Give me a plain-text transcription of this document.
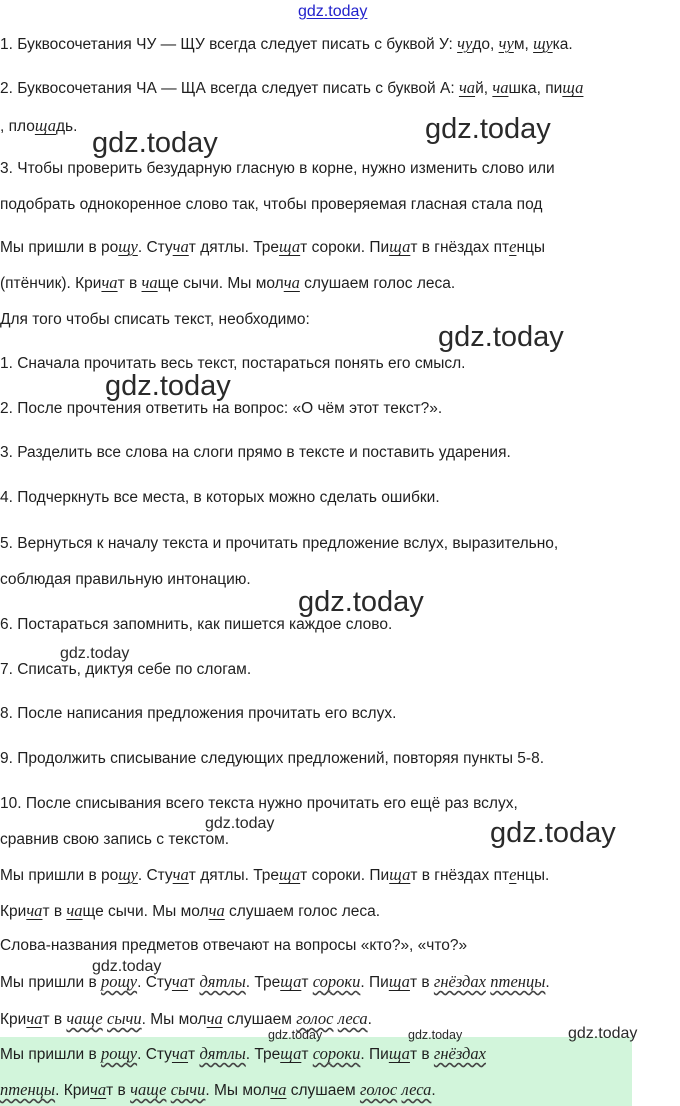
1. Буквосочетания ЧУ — ЩУ всегда следует писать с буквой У: чудо, чум, щука.
2. Буквосочетания ЧА — ЩА всегда следует писать с буквой А: чай, чашка, пища
, площадь.
3. Чтобы проверить безударную гласную в корне, нужно изменить слово или
подобрать однокоренное слово так, чтобы проверяемая гласная стала под
Мы пришли в рощу. Стучат дятлы. Трещат сороки. Пищат в гнёздах птенцы
(птёнчик). Кричат в чаще сычи. Мы молча слушаем голос леса.
Для того чтобы списать текст, необходимо:
1. Сначала прочитать весь текст, постараться понять его смысл.
2. После прочтения ответить на вопрос: «О чём этот текст?».
3. Разделить все слова на слоги прямо в тексте и поставить ударения.
4. Подчеркнуть все места, в которых можно сделать ошибки.
5. Вернуться к началу текста и прочитать предложение вслух, выразительно,
соблюдая правильную интонацию.
6. Постараться запомнить, как пишется каждое слово.
7. Списать, диктуя себе по слогам.
8. После написания предложения прочитать его вслух.
9. Продолжить списывание следующих предложений, повторяя пункты 5-8.
10. После списывания всего текста нужно прочитать его ещё раз вслух,
сравнив свою запись с текстом.
Мы пришли в рощу. Стучат дятлы. Трещат сороки. Пищат в гнёздах птенцы.
Кричат в чаще сычи. Мы молча слушаем голос леса.
Слова-названия предметов отвечают на вопросы «кто?», «что?»
Мы пришли в рощу. Стучат дятлы. Трещат сороки. Пищат в гнёздах птенцы.
Кричат в чаще сычи. Мы молча слушаем голос леса.
Мы пришли в рощу. Стучат дятлы. Трещат сороки. Пищат в гнёздах
птенцы. Кричат в чаще сычи. Мы молча слушаем голос леса.
gdz.today
gdz.today	gdz.today
gdz.today
gdz.today
gdz.today
gdz.today
gdz.today	gdz.today
gdz.today
gdz.today	gdz.today	gdz.today
